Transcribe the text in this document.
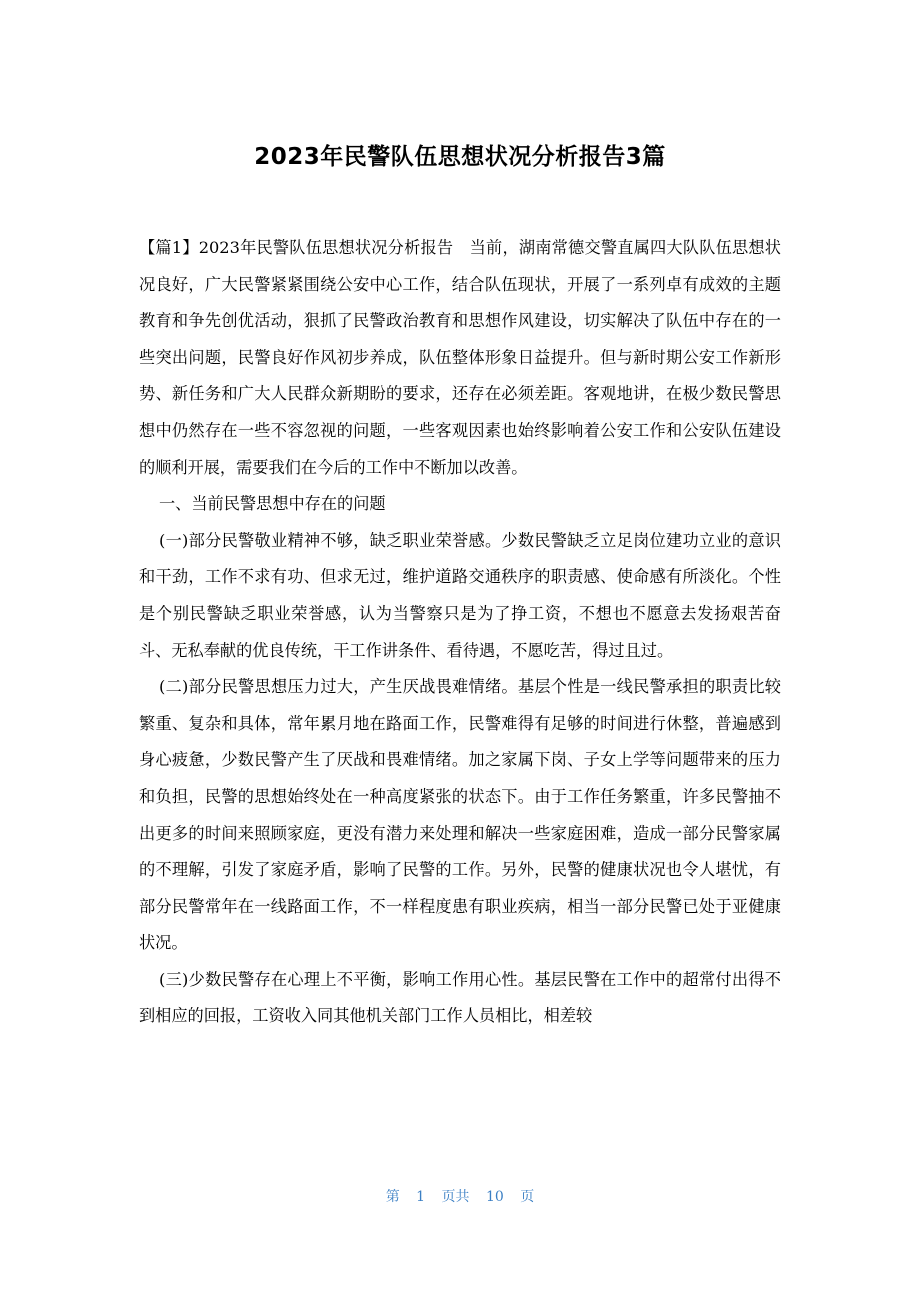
2023年民警队伍思想状况分析报告3篇

【篇1】2023年民警队伍思想状况分析报告　当前，湖南常德交警直属四大队队伍思想状况良好，广大民警紧紧围绕公安中心工作，结合队伍现状，开展了一系列卓有成效的主题教育和争先创优活动，狠抓了民警政治教育和思想作风建设，切实解决了队伍中存在的一些突出问题，民警良好作风初步养成，队伍整体形象日益提升。但与新时期公安工作新形势、新任务和广大人民群众新期盼的要求，还存在必须差距。客观地讲，在极少数民警思想中仍然存在一些不容忽视的问题，一些客观因素也始终影响着公安工作和公安队伍建设的顺利开展，需要我们在今后的工作中不断加以改善。

一、当前民警思想中存在的问题

(一)部分民警敬业精神不够，缺乏职业荣誉感。少数民警缺乏立足岗位建功立业的意识和干劲，工作不求有功、但求无过，维护道路交通秩序的职责感、使命感有所淡化。个性是个别民警缺乏职业荣誉感，认为当警察只是为了挣工资，不想也不愿意去发扬艰苦奋斗、无私奉献的优良传统，干工作讲条件、看待遇，不愿吃苦，得过且过。

(二)部分民警思想压力过大，产生厌战畏难情绪。基层个性是一线民警承担的职责比较繁重、复杂和具体，常年累月地在路面工作，民警难得有足够的时间进行休整，普遍感到身心疲惫，少数民警产生了厌战和畏难情绪。加之家属下岗、子女上学等问题带来的压力和负担，民警的思想始终处在一种高度紧张的状态下。由于工作任务繁重，许多民警抽不出更多的时间来照顾家庭，更没有潜力来处理和解决一些家庭困难，造成一部分民警家属的不理解，引发了家庭矛盾，影响了民警的工作。另外，民警的健康状况也令人堪忧，有部分民警常年在一线路面工作，不一样程度患有职业疾病，相当一部分民警已处于亚健康状况。

(三)少数民警存在心理上不平衡，影响工作用心性。基层民警在工作中的超常付出得不到相应的回报，工资收入同其他机关部门工作人员相比，相差较

第 1 页共 10 页
